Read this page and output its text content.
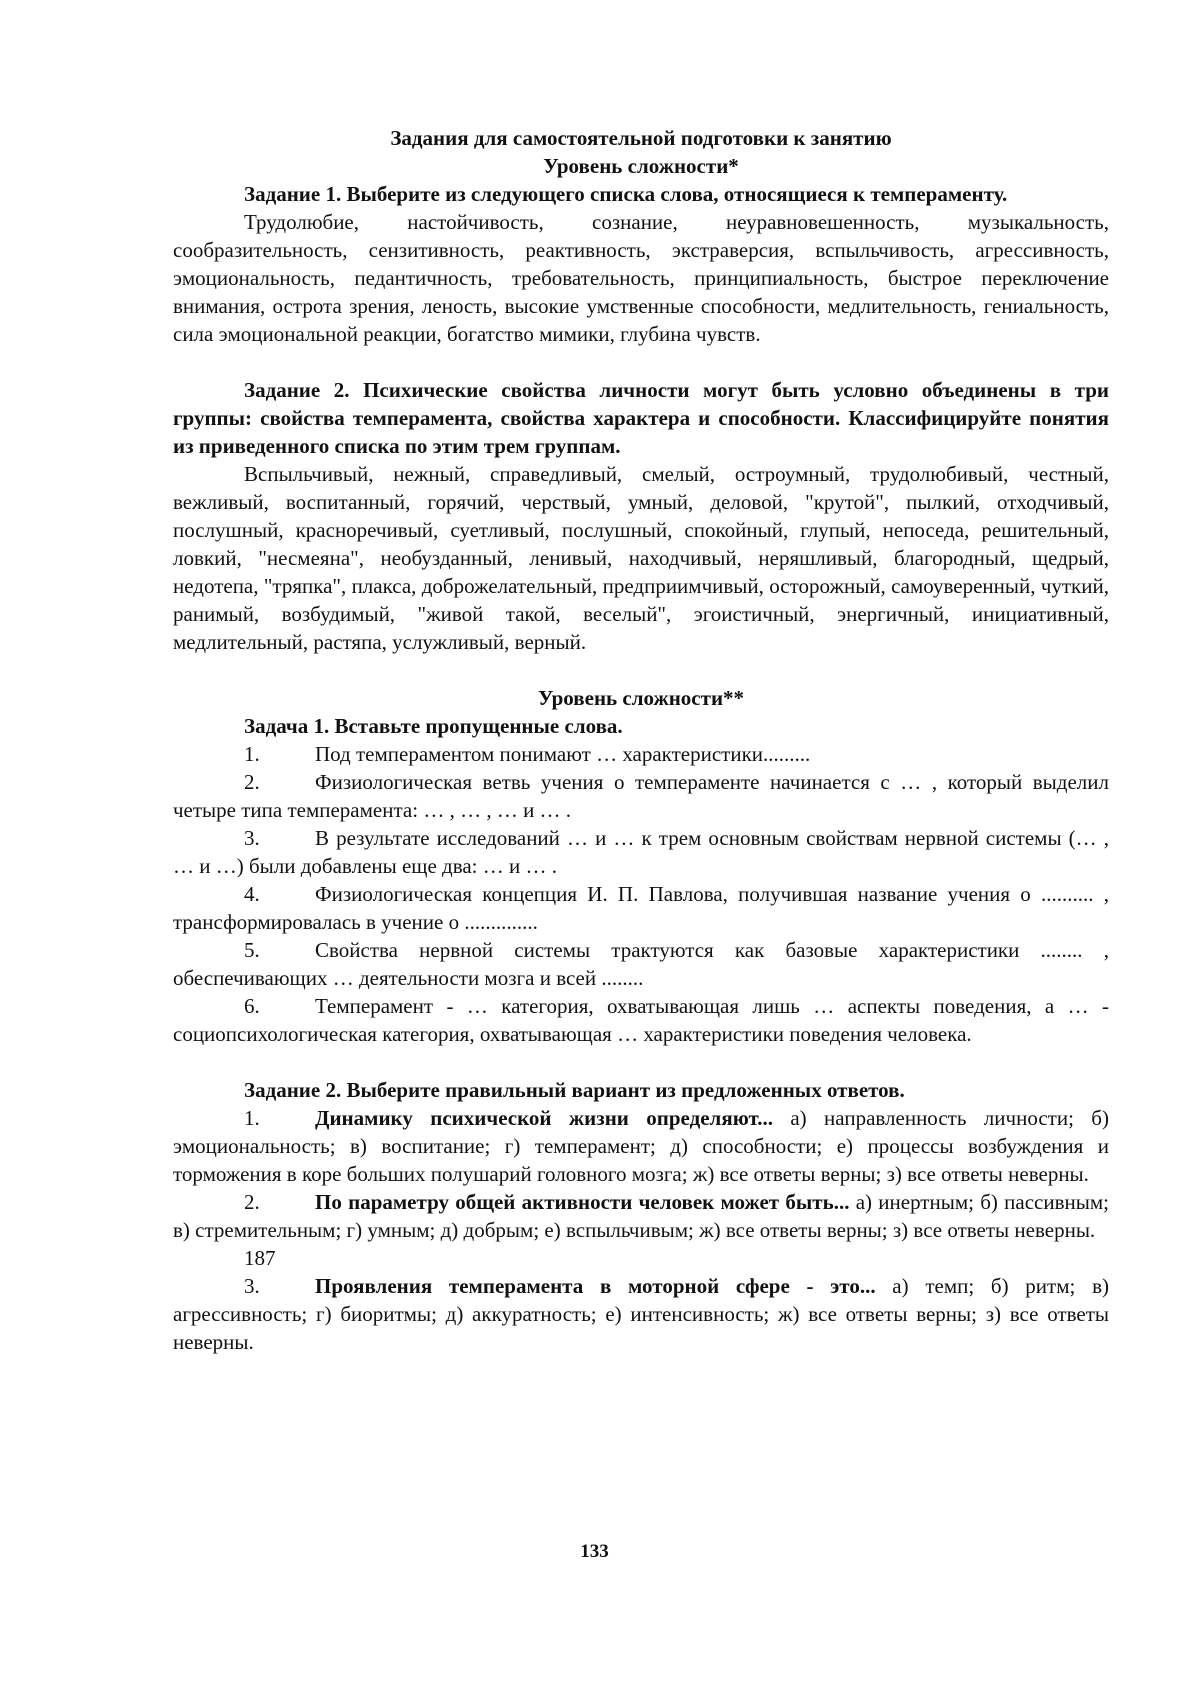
Задания для самостоятельной подготовки к занятию

Уровень сложности*

Задание 1. Выберите из следующего списка слова, относящиеся к темпераменту.

Трудолюбие, настойчивость, сознание, неуравновешенность, музыкальность, сообразительность, сензитивность, реактивность, экстраверсия, вспыльчивость, агрессивность, эмоциональность, педантичность, требовательность, принципиальность, быстрое переключение внимания, острота зрения, леность, высокие умственные способности, медлительность, гениальность, сила эмоциональной реакции, богатство мимики, глубина чувств.

Задание 2. Психические свойства личности могут быть условно объединены в три группы: свойства темперамента, свойства характера и способности. Классифицируйте понятия из приведенного списка по этим трем группам.

Вспыльчивый, нежный, справедливый, смелый, остроумный, трудолюбивый, честный, вежливый, воспитанный, горячий, черствый, умный, деловой, "крутой", пылкий, отходчивый, послушный, красноречивый, суетливый, послушный, спокойный, глупый, непоседа, решительный, ловкий, "несмеяна", необузданный, ленивый, находчивый, неряшливый, благородный, щедрый, недотепа, "тряпка", плакса, доброжелательный, предприимчивый, осторожный, самоуверенный, чуткий, ранимый, возбудимый, "живой такой, веселый", эгоистичный, энергичный, инициативный, медлительный, растяпа, услужливый, верный.

Уровень сложности**

Задача 1. Вставьте пропущенные слова.

1.	Под темпераментом понимают … характеристики.........

2.	Физиологическая ветвь учения о темпераменте начинается с … , который выделил четыре типа темперамента: … , … , … и … .

3.	В результате исследований … и … к трем основным свойствам нервной системы (… , … и …) были добавлены еще два: … и … .

4.	Физиологическая концепция И. П. Павлова, получившая название учения о .......... , трансформировалась в учение о ..............

5.	Свойства нервной системы трактуются как базовые характеристики ........ , обеспечивающих … деятельности мозга и всей ........

6.	Темперамент - … категория, охватывающая лишь … аспекты поведения, а … - социопсихологическая категория, охватывающая … характеристики поведения человека.

Задание 2. Выберите правильный вариант из предложенных ответов.

1.	Динамику психической жизни определяют... а) направленность личности; б) эмоциональность; в) воспитание; г) темперамент; д) способности; е) процессы возбуждения и торможения в коре больших полушарий головного мозга; ж) все ответы верны; з) все ответы неверны.

2.	По параметру общей активности человек может быть... а) инертным; б) пассивным; в) стремительным; г) умным; д) добрым; е) вспыльчивым; ж) все ответы верны; з) все ответы неверны.

187

3.	Проявления темперамента в моторной сфере - это... а) темп; б) ритм; в) агрессивность; г) биоритмы; д) аккуратность; е) интенсивность; ж) все ответы верны; з) все ответы неверны.

133
